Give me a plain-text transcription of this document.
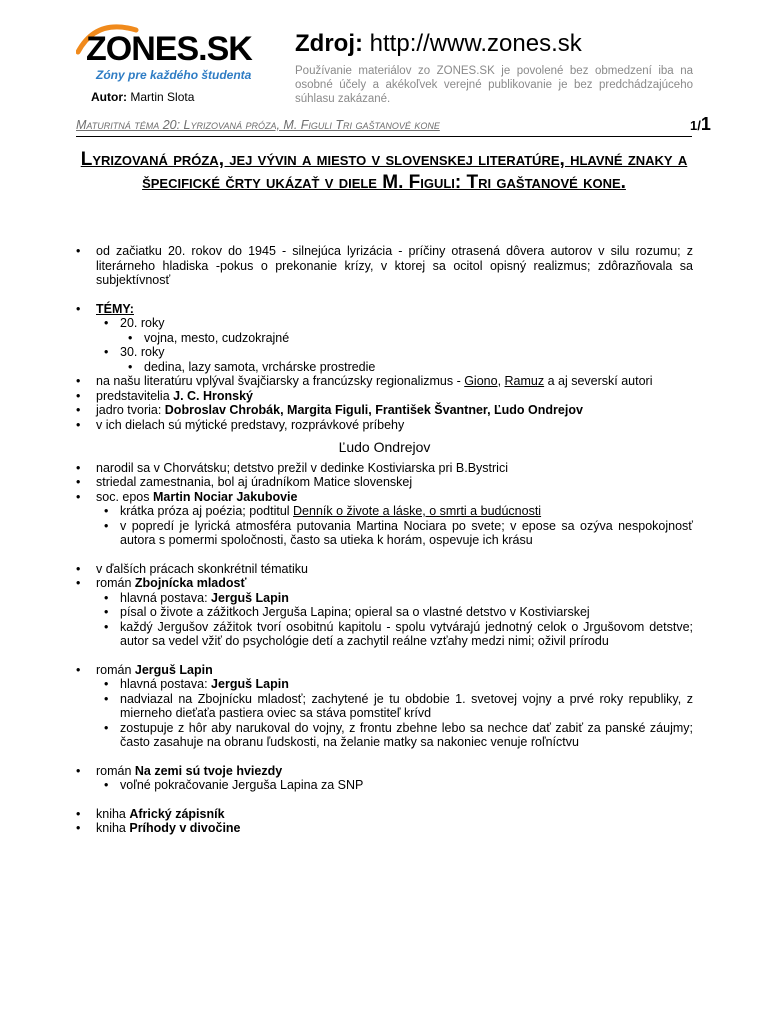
ZONES.SK
Zóny pre každého študenta
Autor: Martin Slota
Zdroj: http://www.zones.sk
Používanie materiálov zo ZONES.SK je povolené bez obmedzení iba na osobné účely a akékoľvek verejné publikovanie je bez predchádzajúceho súhlasu zakázané.
Maturitná téma 20: Lyrizovaná próza, M. Figuli Tri gaštanové kone	1/1
Lyrizovaná próza, jej vývin a miesto v slovenskej literatúre, hlavné znaky a špecifické črty ukázať v diele M. Figuli: Tri gaštanové kone.
• od začiatku 20. rokov do 1945 - silnejúca lyrizácia - príčiny otrasená dôvera autorov v silu rozumu; z literárneho hladiska -pokus o prekonanie krízy, v ktorej sa ocitol opisný realizmus; zdôrazňovala sa subjektívnosť
• TÉMY:
• 20. roky
• vojna, mesto, cudzokrajné
• 30. roky
• dedina, lazy samota, vrchárske prostredie
• na našu literatúru vplýval švajčiarsky a francúzsky regionalizmus - Giono, Ramuz a aj severskí autori
• predstavitelia J. C. Hronský
• jadro tvoria: Dobroslav Chrobák, Margita Figuli, František Švantner, Ľudo Ondrejov
• v ich dielach sú mýtické predstavy, rozprávkové príbehy
Ľudo Ondrejov
• narodil sa v Chorvátsku; detstvo prežil v dedinke Kostiviarska pri B.Bystrici
• striedal zamestnania, bol aj úradníkom Matice slovenskej
• soc. epos Martin Nociar Jakubovie
• krátka próza aj poézia; podtitul Denník o živote a láske, o smrti a budúcnosti
• v popredí je lyrická atmosféra putovania Martina Nociara po svete; v epose sa ozýva nespokojnosť autora s pomermi spoločnosti, často sa utieka k horám, ospevuje ich krásu
• v ďalších prácach skonkrétnil tématiku
• román Zbojnícka mladosť
• hlavná postava: Jerguš Lapin
• písal o živote a zážitkoch Jerguša Lapina; opieral sa o vlastné detstvo v Kostiviarskej
• každý Jergušov zážitok tvorí osobitnú kapitolu - spolu vytvárajú jednotný celok o Jrgušovom detstve; autor sa vedel vžiť do psychológie detí a zachytil reálne vzťahy medzi nimi; oživil prírodu
• román Jerguš Lapin
• hlavná postava: Jerguš Lapin
• nadviazal na Zbojnícku mladosť; zachytené je tu obdobie 1. svetovej vojny a prvé roky republiky, z mierneho dieťaťa pastiera oviec sa stáva pomstiteľ krívd
• zostupuje z hôr aby narukoval do vojny, z frontu zbehne lebo sa nechce dať zabiť za panské záujmy; často zasahuje na obranu ľudskosti, na želanie matky sa nakoniec venuje roľníctvu
• román Na zemi sú tvoje hviezdy
• voľné pokračovanie Jerguša Lapina za SNP
• kniha Africký zápisník
• kniha Príhody v divočine
